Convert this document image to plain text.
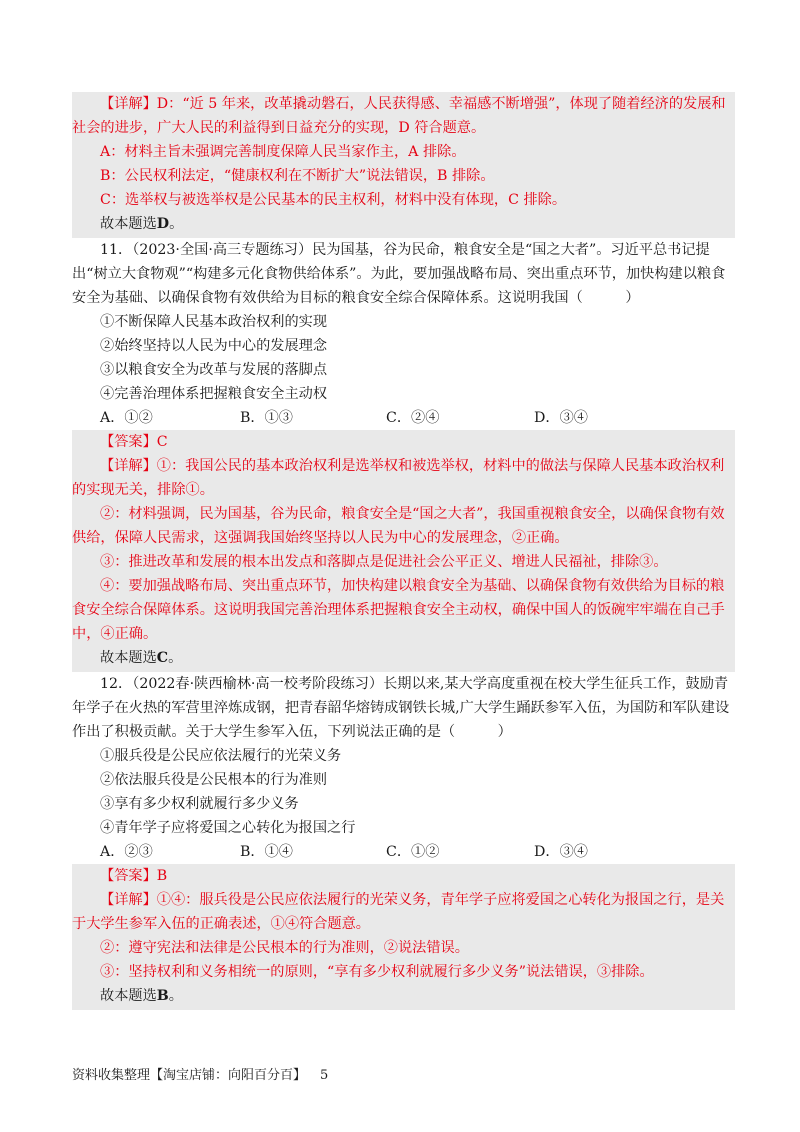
【详解】D：“近 5 年来，改革撬动磐石，人民获得感、幸福感不断增强”，体现了随着经济的发展和社会的进步，广大人民的利益得到日益充分的实现，D 符合题意。

A：材料主旨未强调完善制度保障人民当家作主，A 排除。

B：公民权利法定，“健康权利在不断扩大”说法错误，B 排除。

C：选举权与被选举权是公民基本的民主权利，材料中没有体现，C 排除。

故本题选D。

11．（2023·全国·高三专题练习）民为国基，谷为民命，粮食安全是“国之大者”。习近平总书记提出“树立大食物观”“构建多元化食物供给体系”。为此，要加强战略布局、突出重点环节，加快构建以粮食安全为基础、以确保食物有效供给为目标的粮食安全综合保障体系。这说明我国（　　　）

①不断保障人民基本政治权利的实现

②始终坚持以人民为中心的发展理念

③以粮食安全为改革与发展的落脚点

④完善治理体系把握粮食安全主动权

A．①②	B．①③	C．②④	D．③④

【答案】C

【详解】①：我国公民的基本政治权利是选举权和被选举权，材料中的做法与保障人民基本政治权利的实现无关，排除①。

②：材料强调，民为国基，谷为民命，粮食安全是“国之大者”，我国重视粮食安全，以确保食物有效供给，保障人民需求，这强调我国始终坚持以人民为中心的发展理念，②正确。

③：推进改革和发展的根本出发点和落脚点是促进社会公平正义、增进人民福祉，排除③。

④：要加强战略布局、突出重点环节，加快构建以粮食安全为基础、以确保食物有效供给为目标的粮食安全综合保障体系。这说明我国完善治理体系把握粮食安全主动权，确保中国人的饭碗牢牢端在自己手中，④正确。

故本题选C。

12．（2022春·陕西榆林·高一校考阶段练习）长期以来,某大学高度重视在校大学生征兵工作，鼓励青年学子在火热的军营里淬炼成钢，把青春韶华熔铸成钢铁长城,广大学生踊跃参军入伍，为国防和军队建设作出了积极贡献。关于大学生参军入伍，下列说法正确的是（　　　）

①服兵役是公民应依法履行的光荣义务

②依法服兵役是公民根本的行为准则

③享有多少权利就履行多少义务

④青年学子应将爱国之心转化为报国之行

A．②③	B．①④	C．①②	D．③④

【答案】B

【详解】①④：服兵役是公民应依法履行的光荣义务，青年学子应将爱国之心转化为报国之行，是关于大学生参军入伍的正确表述，①④符合题意。

②：遵守宪法和法律是公民根本的行为准则，②说法错误。

③：坚持权利和义务相统一的原则，“享有多少权利就履行多少义务”说法错误，③排除。

故本题选B。

资料收集整理【淘宝店铺：向阳百分百】 5
